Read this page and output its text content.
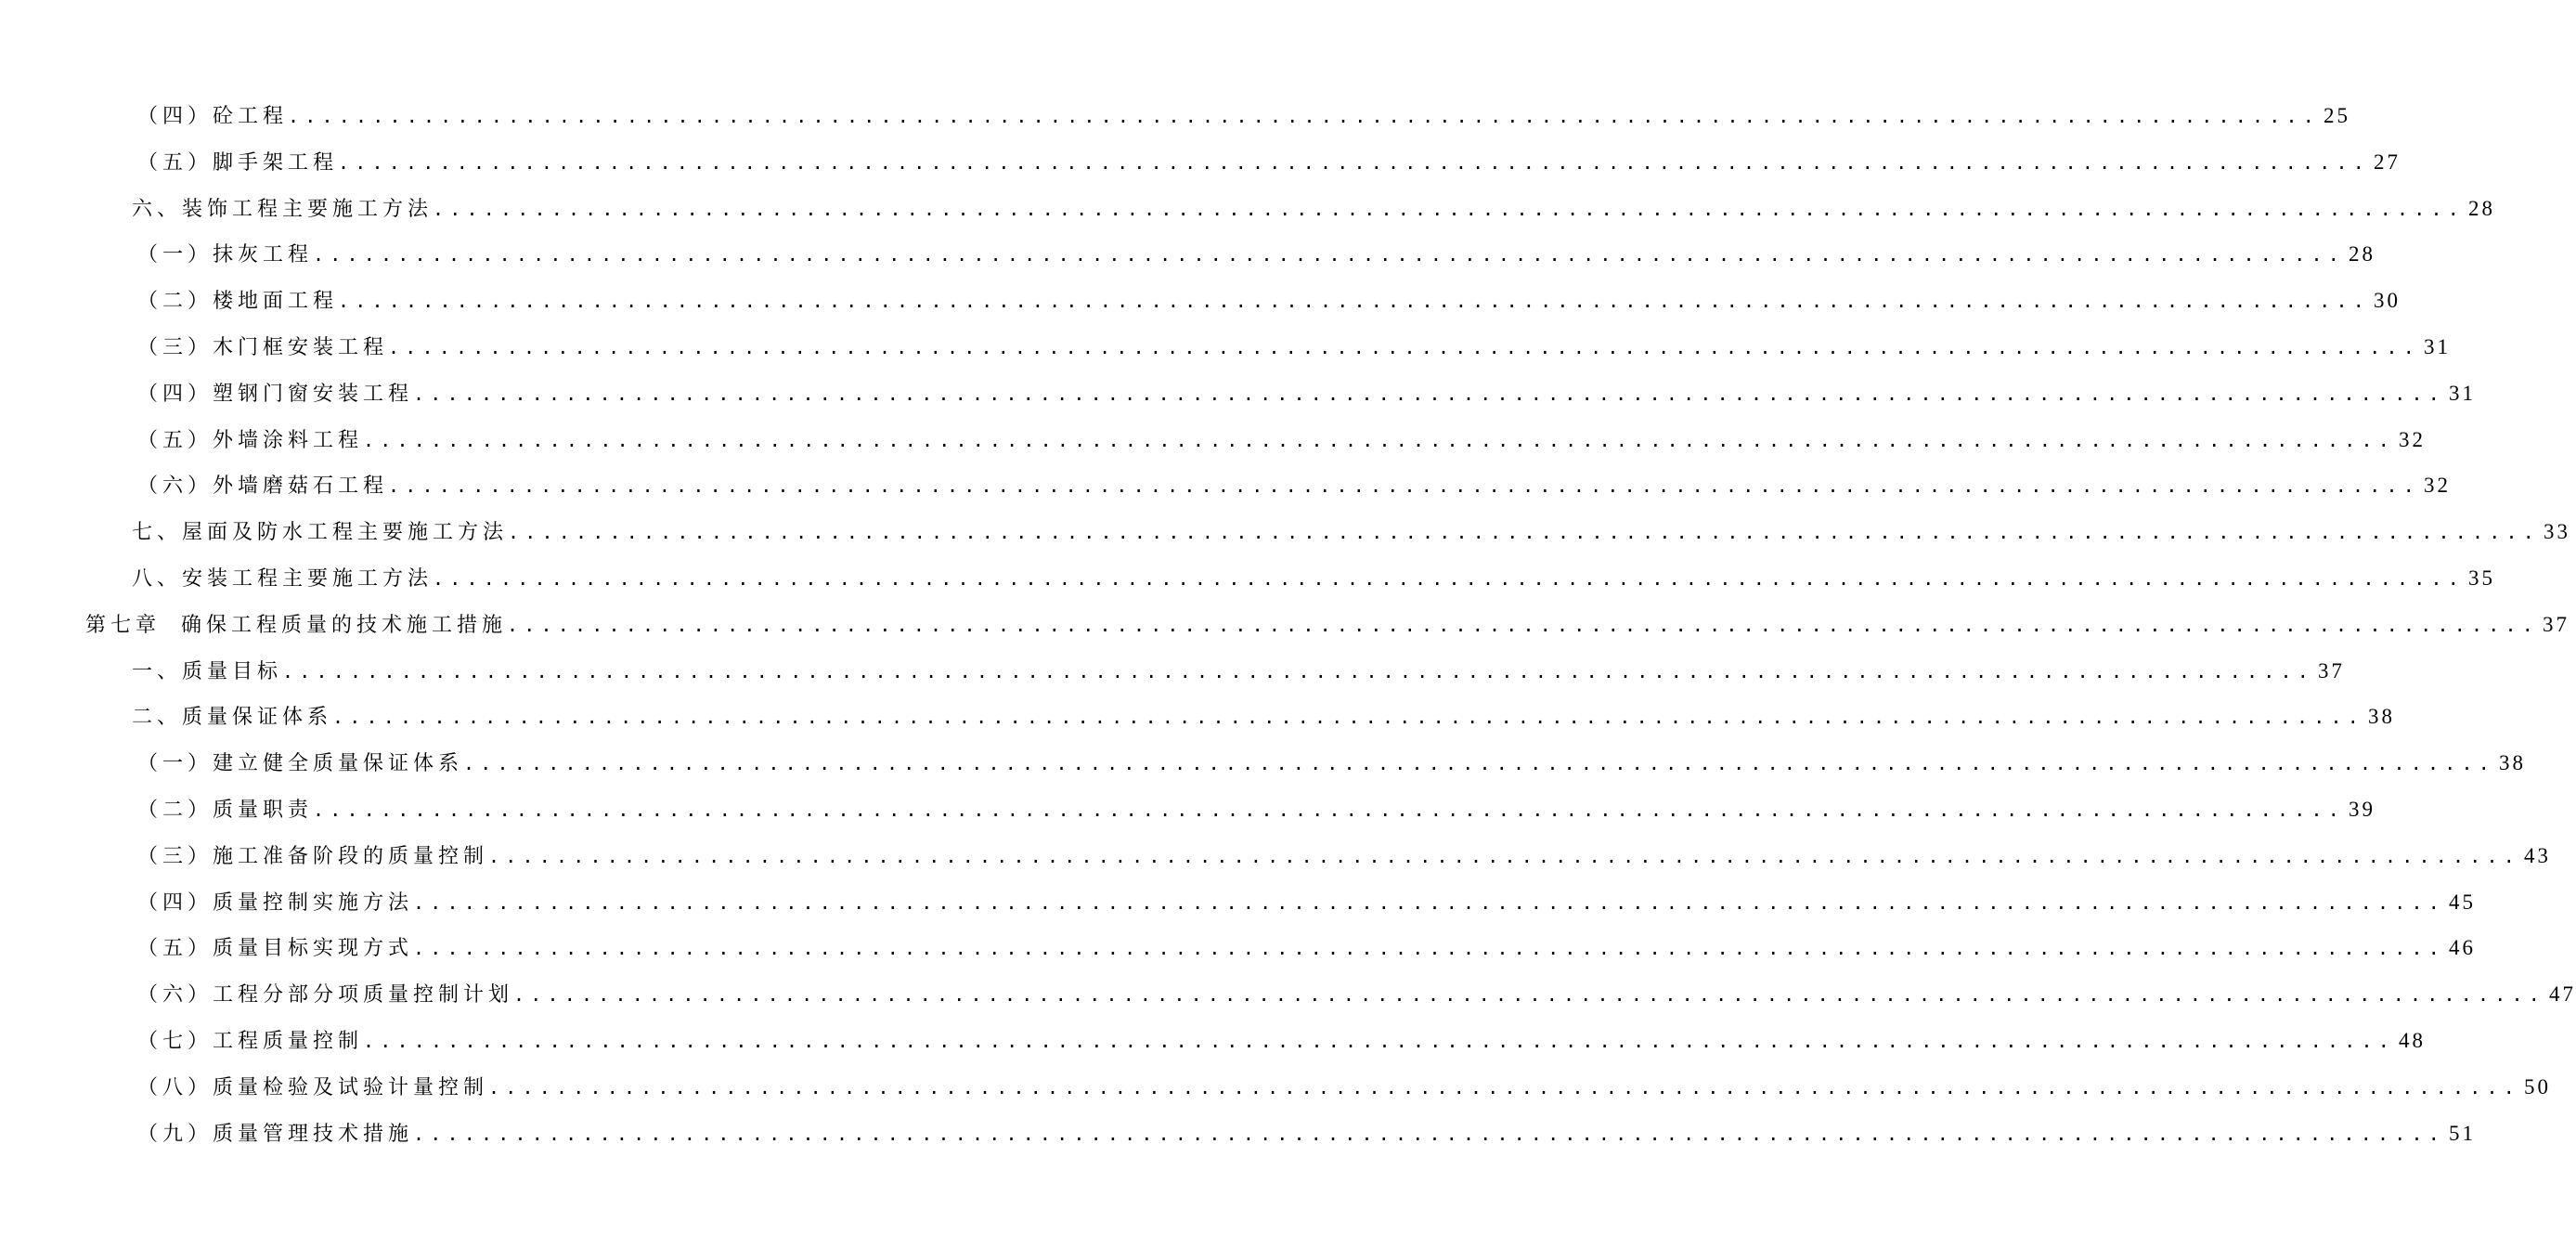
（四）砼工程 ........................................................................................................................ 25
（五）脚手架工程 ........................................................................................................................ 27
六、装饰工程主要施工方法 ........................................................................................................................ 28
（一）抹灰工程 ........................................................................................................................ 28
（二）楼地面工程 ........................................................................................................................ 30
（三）木门框安装工程 ........................................................................................................................ 31
（四）塑钢门窗安装工程 ........................................................................................................................ 31
（五）外墙涂料工程 ........................................................................................................................ 32
（六）外墙磨菇石工程 ........................................................................................................................ 32
七、屋面及防水工程主要施工方法 ........................................................................................................................ 33
八、安装工程主要施工方法 ........................................................................................................................ 35
第七章 确保工程质量的技术施工措施 ........................................................................................................................ 37
一、质量目标 ........................................................................................................................ 37
二、质量保证体系 ........................................................................................................................ 38
（一）建立健全质量保证体系 ........................................................................................................................ 38
（二）质量职责 ........................................................................................................................ 39
（三）施工准备阶段的质量控制 ........................................................................................................................ 43
（四）质量控制实施方法 ........................................................................................................................ 45
（五）质量目标实现方式 ........................................................................................................................ 46
（六）工程分部分项质量控制计划 ........................................................................................................................ 47
（七）工程质量控制 ........................................................................................................................ 48
（八）质量检验及试验计量控制 ........................................................................................................................ 50
（九）质量管理技术措施 ........................................................................................................................ 51
